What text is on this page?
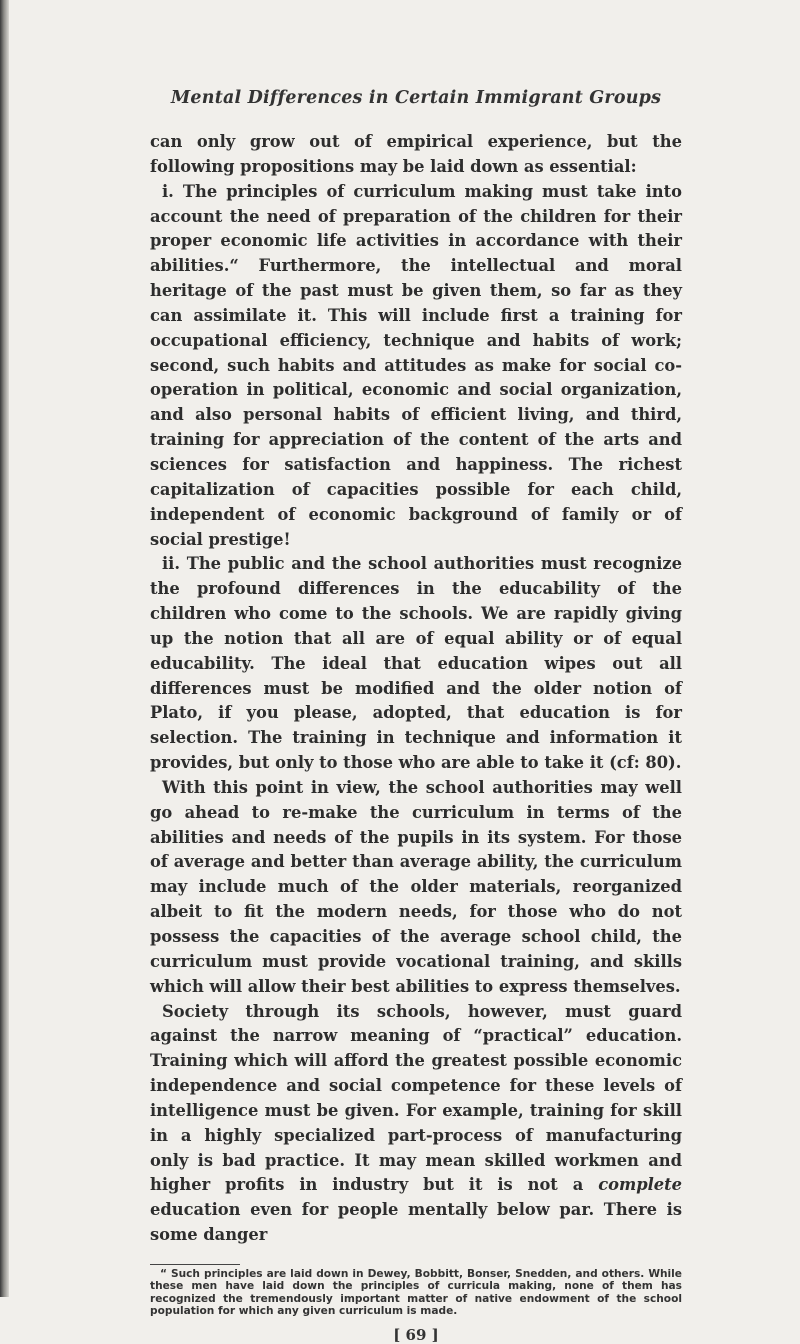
Mental Differences in Certain Immigrant Groups

can only grow out of empirical experience, but the following propositions may be laid down as essential:

i. The principles of curriculum making must take into account the need of preparation of the children for their proper economic life activities in accordance with their abilities.“ Furthermore, the intellectual and moral heritage of the past must be given them, so far as they can assimilate it. This will include first a training for occupational efficiency, technique and habits of work; second, such habits and attitudes as make for social co-operation in political, economic and social organization, and also personal habits of efficient living, and third, training for appreciation of the content of the arts and sciences for satisfaction and happiness. The richest capitalization of capacities possible for each child, independent of economic background of family or of social prestige!

ii. The public and the school authorities must recognize the profound differences in the educability of the children who come to the schools. We are rapidly giving up the notion that all are of equal ability or of equal educability. The ideal that education wipes out all differences must be modified and the older notion of Plato, if you please, adopted, that education is for selection. The training in technique and information it provides, but only to those who are able to take it (cf: 80).

With this point in view, the school authorities may well go ahead to re-make the curriculum in terms of the abilities and needs of the pupils in its system. For those of average and better than average ability, the curriculum may include much of the older materials, reorganized albeit to fit the modern needs, for those who do not possess the capacities of the average school child, the curriculum must provide vocational training, and skills which will allow their best abilities to express themselves.

Society through its schools, however, must guard against the narrow meaning of “practical” education. Training which will afford the greatest possible economic independence and social competence for these levels of intelligence must be given. For example, training for skill in a highly specialized part-process of manufacturing only is bad practice. It may mean skilled workmen and higher profits in industry but it is not a complete education even for people mentally below par. There is some danger

“ Such principles are laid down in Dewey, Bobbitt, Bonser, Snedden, and others. While these men have laid down the principles of curricula making, none of them has recognized the tremendously important matter of native endowment of the school population for which any given curriculum is made.

[ 69 ]
